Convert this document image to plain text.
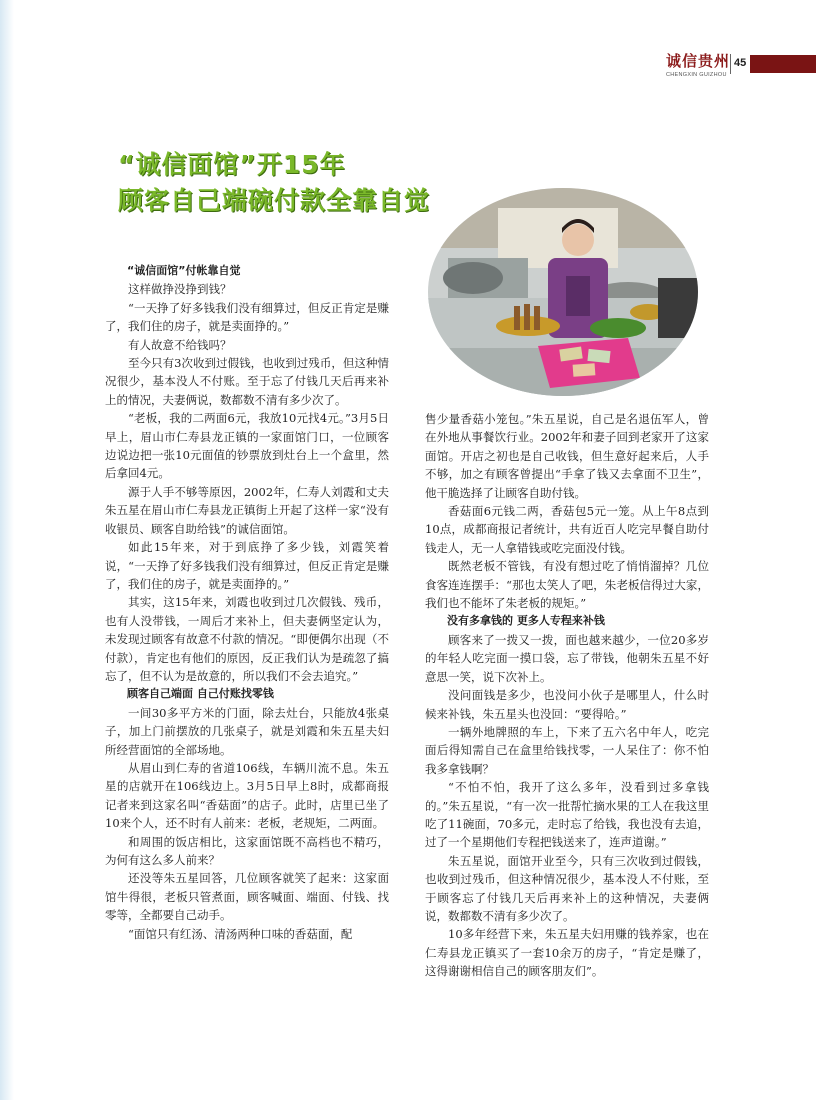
诚信贵州
CHENGXIN GUIZHOU
45
“诚信面馆”开15年
顾客自己端碗付款全靠自觉

“诚信面馆”付帐靠自觉

这样做挣没挣到钱？

“一天挣了好多钱我们没有细算过，但反正肯定是赚了，我们住的房子，就是卖面挣的。”

有人故意不给钱吗？

至今只有3次收到过假钱，也收到过残币，但这种情况很少，基本没人不付账。至于忘了付钱几天后再来补上的情况，夫妻俩说，数都数不清有多少次了。

“老板，我的二两面6元，我放10元找4元。”3月5日早上，眉山市仁寿县龙正镇的一家面馆门口，一位顾客边说边把一张10元面值的钞票放到灶台上一个盒里，然后拿回4元。

源于人手不够等原因，2002年，仁寿人刘霞和丈夫朱五星在眉山市仁寿县龙正镇街上开起了这样一家“没有收银员、顾客自助给钱”的诚信面馆。

如此15年来，对于到底挣了多少钱，刘霞笑着说，“一天挣了好多钱我们没有细算过，但反正肯定是赚了，我们住的房子，就是卖面挣的。”

其实，这15年来，刘霞也收到过几次假钱、残币，也有人没带钱，一周后才来补上，但夫妻俩坚定认为，未发现过顾客有故意不付款的情况。“即便偶尔出现（不付款），肯定也有他们的原因，反正我们认为是疏忽了搞忘了，但不认为是故意的，所以我们不会去追究。”

顾客自己端面 自己付账找零钱

一间30多平方米的门面，除去灶台，只能放4张桌子，加上门前摆放的几张桌子，就是刘霞和朱五星夫妇所经营面馆的全部场地。

从眉山到仁寿的省道106线，车辆川流不息。朱五星的店就开在106线边上。3月5日早上8时，成都商报记者来到这家名叫“香菇面”的店子。此时，店里已坐了10来个人，还不时有人前来：老板，老规矩，二两面。

和周围的饭店相比，这家面馆既不高档也不精巧，为何有这么多人前来？

还没等朱五星回答，几位顾客就笑了起来：这家面馆牛得很，老板只管煮面，顾客喊面、端面、付钱、找零等，全都要自己动手。

“面馆只有红汤、清汤两种口味的香菇面，配

售少量香菇小笼包。”朱五星说，自己是名退伍军人，曾在外地从事餐饮行业。2002年和妻子回到老家开了这家面馆。开店之初也是自己收钱，但生意好起来后，人手不够，加之有顾客曾提出“手拿了钱又去拿面不卫生”，他干脆选择了让顾客自助付钱。

香菇面6元钱二两，香菇包5元一笼。从上午8点到10点，成都商报记者统计，共有近百人吃完早餐自助付钱走人，无一人拿错钱或吃完面没付钱。

既然老板不管钱，有没有想过吃了悄悄溜掉？几位食客连连摆手：“那也太笑人了吧，朱老板信得过大家，我们也不能坏了朱老板的规矩。”

没有多拿钱的 更多人专程来补钱

顾客来了一拨又一拨，面也越来越少，一位20多岁的年轻人吃完面一摸口袋，忘了带钱，他朝朱五星不好意思一笑，说下次补上。

没问面钱是多少，也没问小伙子是哪里人，什么时候来补钱，朱五星头也没回：“要得哈。”

一辆外地牌照的车上，下来了五六名中年人，吃完面后得知需自己在盒里给钱找零，一人呆住了：你不怕我多拿钱啊？

“不怕不怕，我开了这么多年，没看到过多拿钱的。”朱五星说，“有一次一批帮忙摘水果的工人在我这里吃了11碗面，70多元，走时忘了给钱，我也没有去追，过了一个星期他们专程把钱送来了，连声道谢。”

朱五星说，面馆开业至今，只有三次收到过假钱，也收到过残币，但这种情况很少，基本没人不付账，至于顾客忘了付钱几天后再来补上的这种情况，夫妻俩说，数都数不清有多少次了。

10多年经营下来，朱五星夫妇用赚的钱养家，也在仁寿县龙正镇买了一套10余万的房子，“肯定是赚了，这得谢谢相信自己的顾客朋友们”。
